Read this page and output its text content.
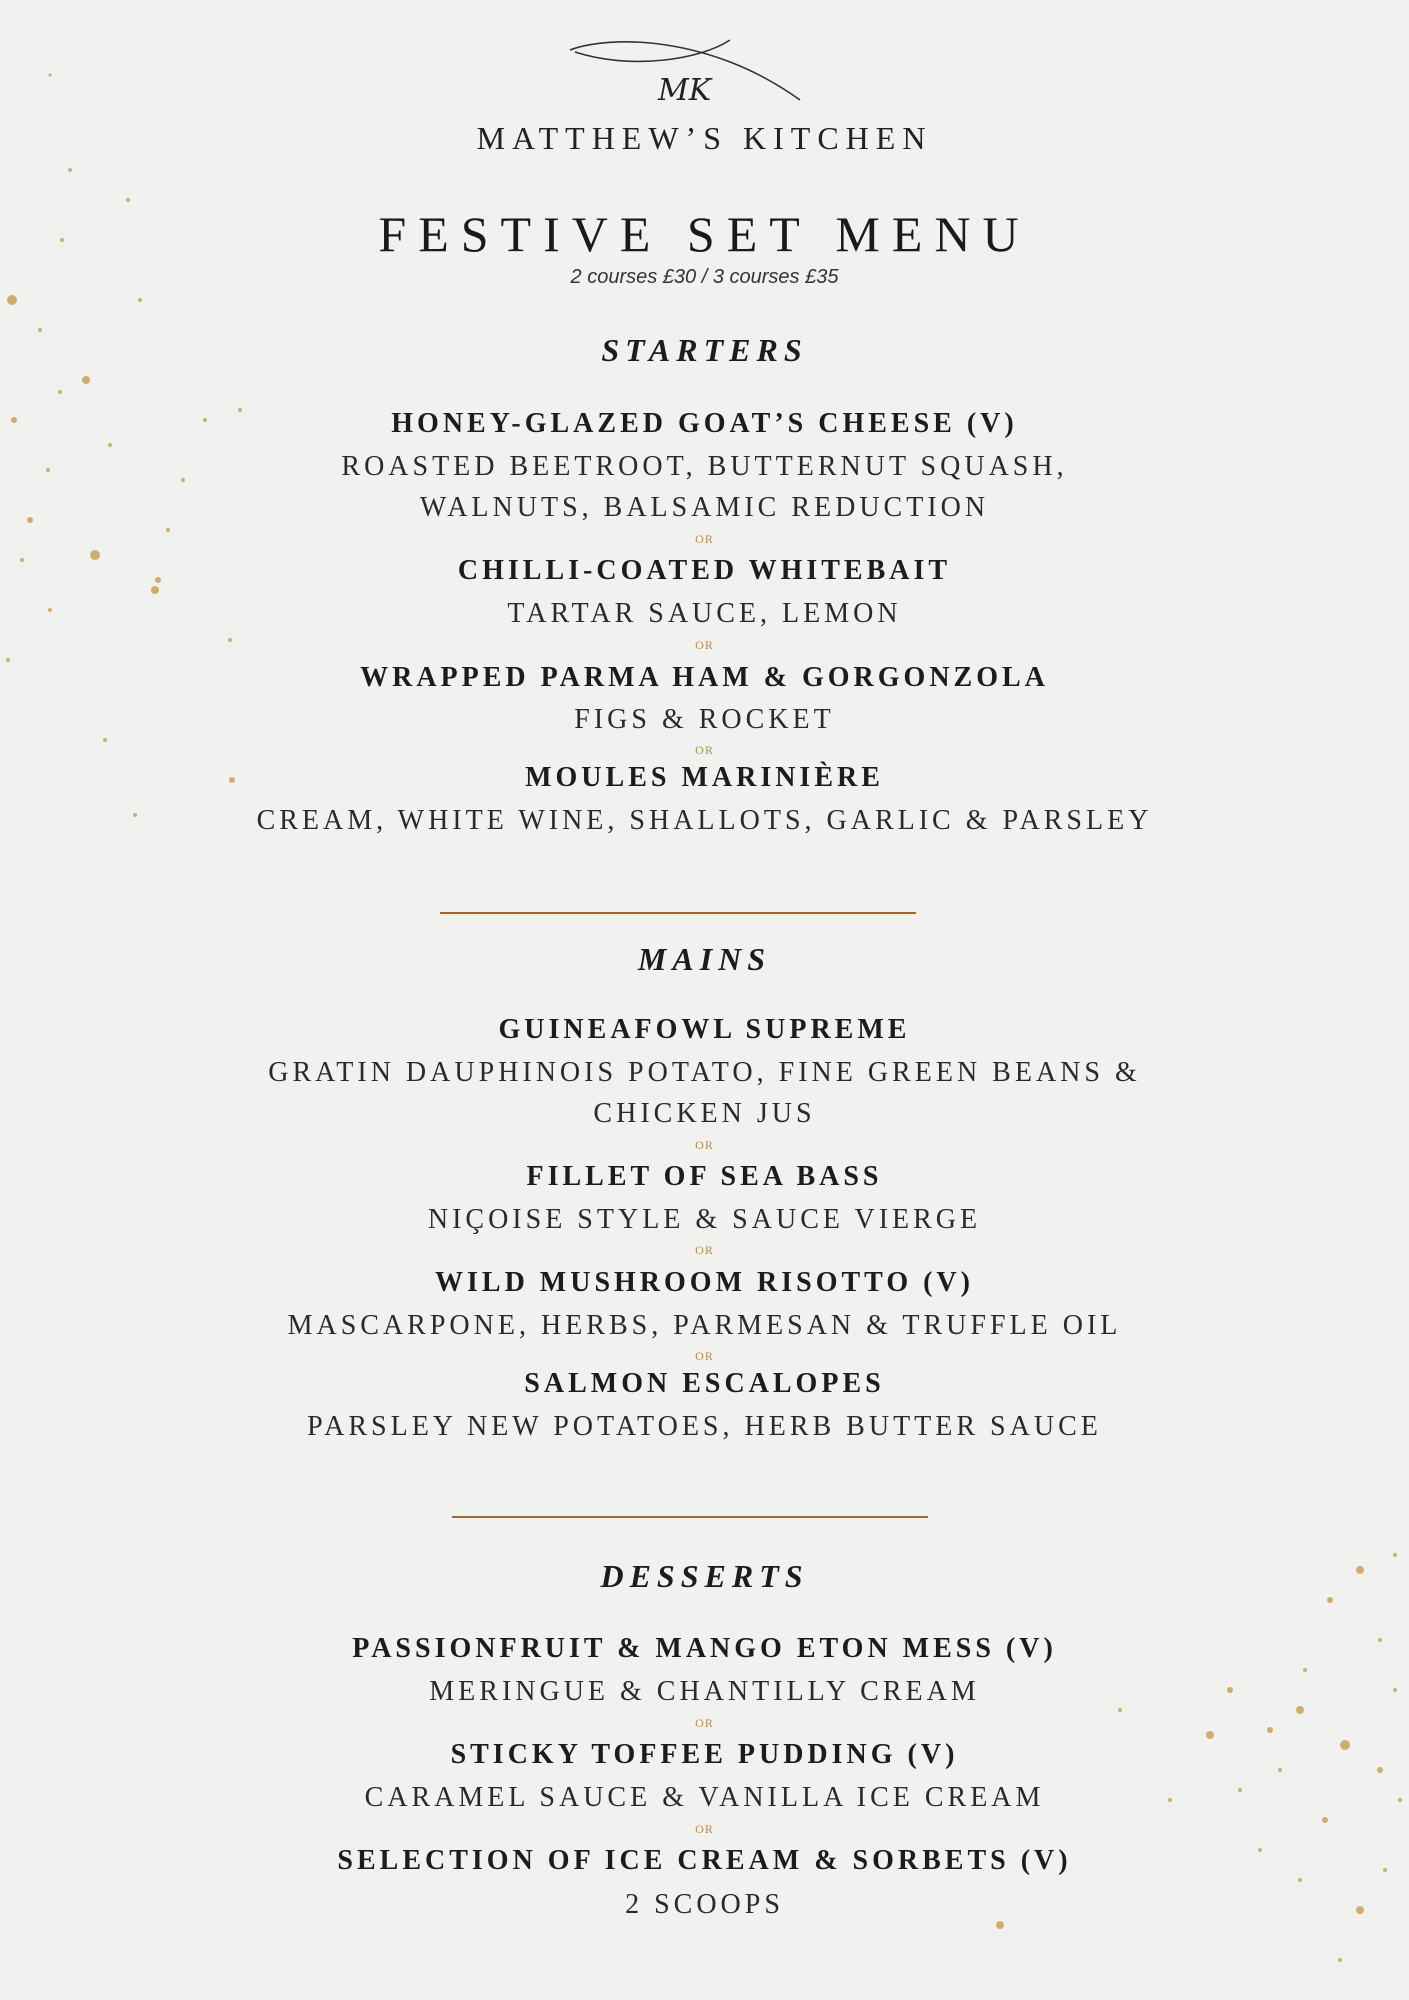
MK
MATTHEW’S KITCHEN
FESTIVE SET MENU
2 courses £30 / 3 courses £35
STARTERS
HONEY-GLAZED GOAT’S CHEESE (V)
ROASTED BEETROOT, BUTTERNUT SQUASH,
WALNUTS, BALSAMIC REDUCTION
OR
CHILLI-COATED WHITEBAIT
TARTAR SAUCE, LEMON
OR
WRAPPED PARMA HAM & GORGONZOLA
FIGS & ROCKET
OR
MOULES MARINIÈRE
CREAM, WHITE WINE, SHALLOTS, GARLIC & PARSLEY
MAINS
GUINEAFOWL SUPREME
GRATIN DAUPHINOIS POTATO, FINE GREEN BEANS &
CHICKEN JUS
OR
FILLET OF SEA BASS
NIÇOISE STYLE & SAUCE VIERGE
OR
WILD MUSHROOM RISOTTO (V)
MASCARPONE, HERBS, PARMESAN & TRUFFLE OIL
OR
SALMON ESCALOPES
PARSLEY NEW POTATOES, HERB BUTTER SAUCE
DESSERTS
PASSIONFRUIT & MANGO ETON MESS (V)
MERINGUE & CHANTILLY CREAM
OR
STICKY TOFFEE PUDDING (V)
CARAMEL SAUCE & VANILLA ICE CREAM
OR
SELECTION OF ICE CREAM & SORBETS (V)
2 SCOOPS
